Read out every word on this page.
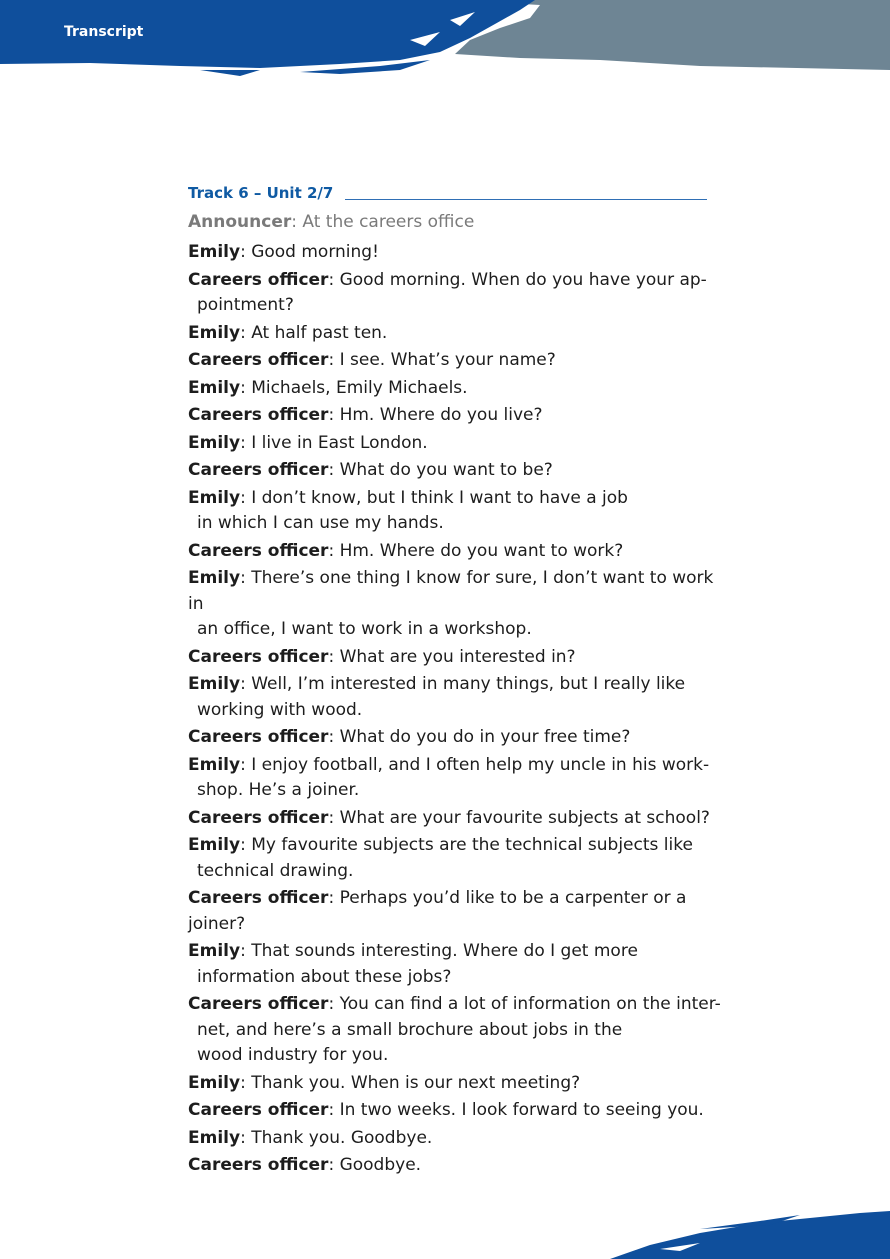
Transcript
Track 6 – Unit 2/7
Announcer: At the careers office
Emily: Good morning!
Careers officer: Good morning. When do you have your ap-
pointment?
Emily: At half past ten.
Careers officer: I see. What’s your name?
Emily: Michaels, Emily Michaels.
Careers officer: Hm. Where do you live?
Emily: I live in East London.
Careers officer: What do you want to be?
Emily: I don’t know, but I think I want to have a job
in which I can use my hands.
Careers officer: Hm. Where do you want to work?
Emily: There’s one thing I know for sure, I don’t want to work in
an office, I want to work in a workshop.
Careers officer: What are you interested in?
Emily: Well, I’m interested in many things, but I really like
working with wood.
Careers officer: What do you do in your free time?
Emily: I enjoy football, and I often help my uncle in his work-
shop. He’s a joiner.
Careers officer: What are your favourite subjects at school?
Emily: My favourite subjects are the technical subjects like
technical drawing.
Careers officer: Perhaps you’d like to be a carpenter or a joiner?
Emily: That sounds interesting. Where do I get more
information about these jobs?
Careers officer: You can find a lot of information on the inter-
net, and here’s a small brochure about jobs in the
wood industry for you.
Emily: Thank you. When is our next meeting?
Careers officer: In two weeks. I look forward to seeing you.
Emily: Thank you. Goodbye.
Careers officer: Goodbye.
